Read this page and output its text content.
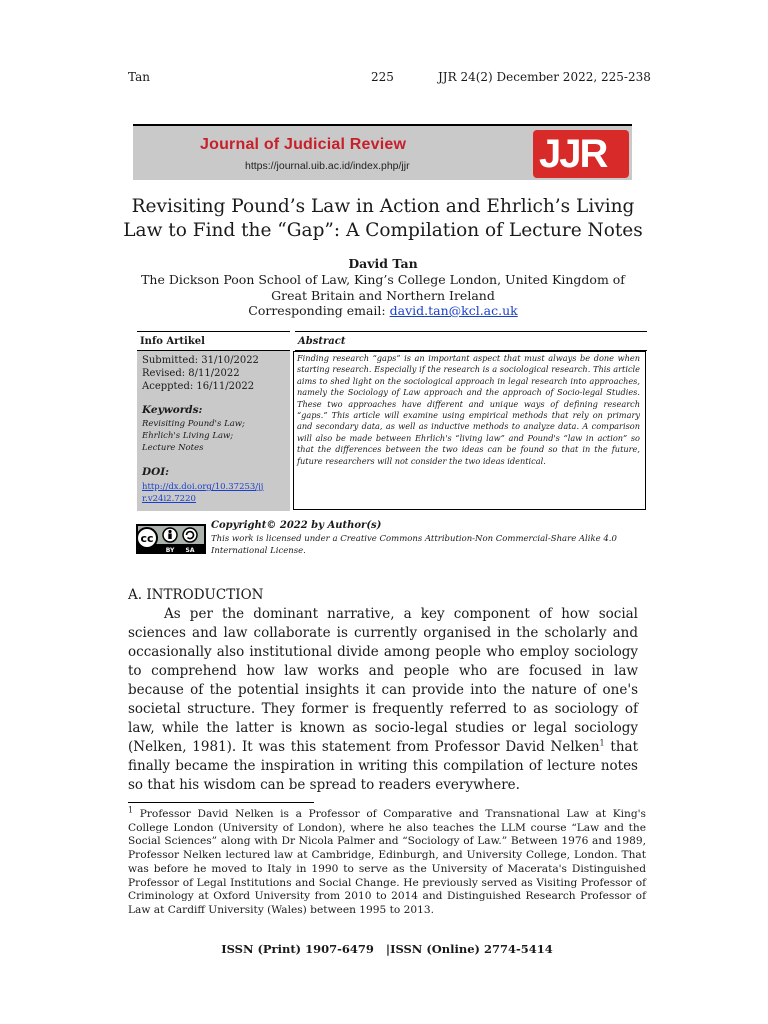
Tan	225	JJR 24(2) December 2022, 225-238
Journal of Judicial Review
https://journal.uib.ac.id/index.php/jjr	JJR
Revisiting Pound’s Law in Action and Ehrlich’s Living Law to Find the “Gap”: A Compilation of Lecture Notes
David Tan
The Dickson Poon School of Law, King’s College London, United Kingdom of Great Britain and Northern Ireland
Corresponding email: david.tan@kcl.ac.uk
Info Artikel	Abstract
Submitted: 31/10/2022
Revised: 8/11/2022
Aceppted: 16/11/2022
Keywords:
Revisiting Pound's Law; Ehrlich's Living Law; Lecture Notes
DOI:
http://dx.doi.org/10.37253/jjr.v24i2.7220
Finding research “gaps” is an important aspect that must always be done when starting research. Especially if the research is a sociological research. This article aims to shed light on the sociological approach in legal research into approaches, namely the Sociology of Law approach and the approach of Socio-legal Studies. These two approaches have different and unique ways of defining research “gaps.” This article will examine using empirical methods that rely on primary and secondary data, as well as inductive methods to analyze data. A comparison will also be made between Ehrlich's “living law” and Pound's “law in action” so that the differences between the two ideas can be found so that in the future, future researchers will not consider the two ideas identical.
cc
BY SA
Copyright© 2022 by Author(s)
This work is licensed under a Creative Commons Attribution-Non Commercial-Share Alike 4.0 International License.
A. INTRODUCTION
As per the dominant narrative, a key component of how social sciences and law collaborate is currently organised in the scholarly and occasionally also institutional divide among people who employ sociology to comprehend how law works and people who are focused in law because of the potential insights it can provide into the nature of one's societal structure. They former is frequently referred to as sociology of law, while the latter is known as socio-legal studies or legal sociology (Nelken, 1981). It was this statement from Professor David Nelken$^1$ that finally became the inspiration in writing this compilation of lecture notes so that his wisdom can be spread to readers everywhere.
$^1$ Professor David Nelken is a Professor of Comparative and Transnational Law at King's College London (University of London), where he also teaches the LLM course “Law and the Social Sciences” along with Dr Nicola Palmer and “Sociology of Law.” Between 1976 and 1989, Professor Nelken lectured law at Cambridge, Edinburgh, and University College, London. That was before he moved to Italy in 1990 to serve as the University of Macerata's Distinguished Professor of Legal Institutions and Social Change. He previously served as Visiting Professor of Criminology at Oxford University from 2010 to 2014 and Distinguished Research Professor of Law at Cardiff University (Wales) between 1995 to 2013.
ISSN (Print) 1907-6479   |ISSN (Online) 2774-5414
